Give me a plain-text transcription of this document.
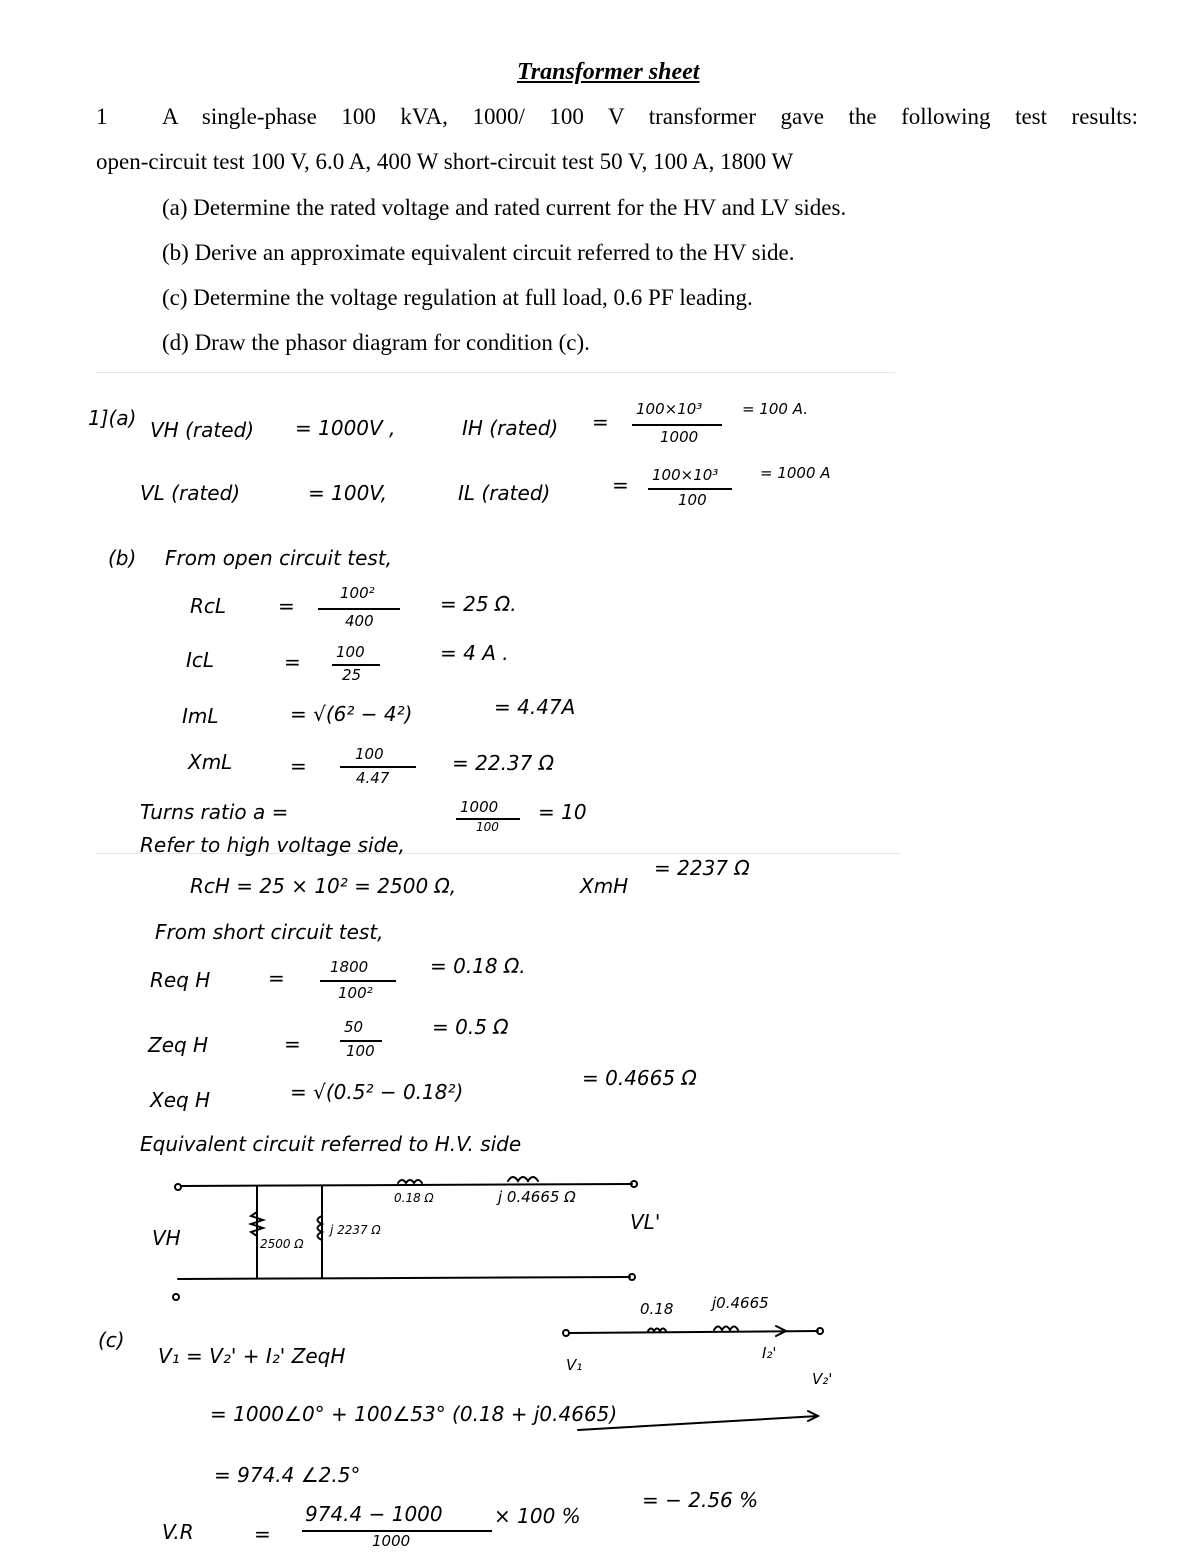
Transformer sheet
1 A single-phase 100 kVA, 1000/ 100 V transformer gave the following test results:
open-circuit test 100 V, 6.0 A, 400 W short-circuit test 50 V, 100 A, 1800 W
(a) Determine the rated voltage and rated current for the HV and LV sides.
(b) Derive an approximate equivalent circuit referred to the HV side.
(c) Determine the voltage regulation at full load, 0.6 PF leading.
(d) Draw the phasor diagram for condition (c).
1](a) VH (rated) = 1000V ,	IH (rated) =
100×10³
1000
= 100 A.
VL (rated)	= 100V,	IL (rated)	= 100×10³
100
= 1000 A
(b) From open circuit test,
RcL	=
100²
400
= 25 Ω.
IcL	= 100
25
= 4 A .
ImL	= √(6² − 4²)	= 4.47A
XmL	=	100
4.47
= 22.37 Ω
Turns ratio a =	1000
100
= 10
Refer to high voltage side,
RcH = 25 × 10² = 2500 Ω,	XmH
= 2237 Ω
From short circuit test,
Req H	=	1800
100²
= 0.18 Ω.
Zeq H	=
50
100
= 0.5 Ω
Xeq H	= √(0.5² − 0.18²)
= 0.4665 Ω
Equivalent circuit referred to H.V. side
0.18 Ω	j 0.4665 Ω
2500 Ω
j 2237 Ω
VH
VL'
(c)
V₁ = V₂' + I₂' ZeqH
= 1000∠0° + 100∠53° (0.18 + j0.4665)
= 974.4 ∠2.5°
0.18	j0.4665
I₂'
V₁
V₂'
V.R	=
974.4 − 1000
1000
× 100 %
= − 2.56 %
